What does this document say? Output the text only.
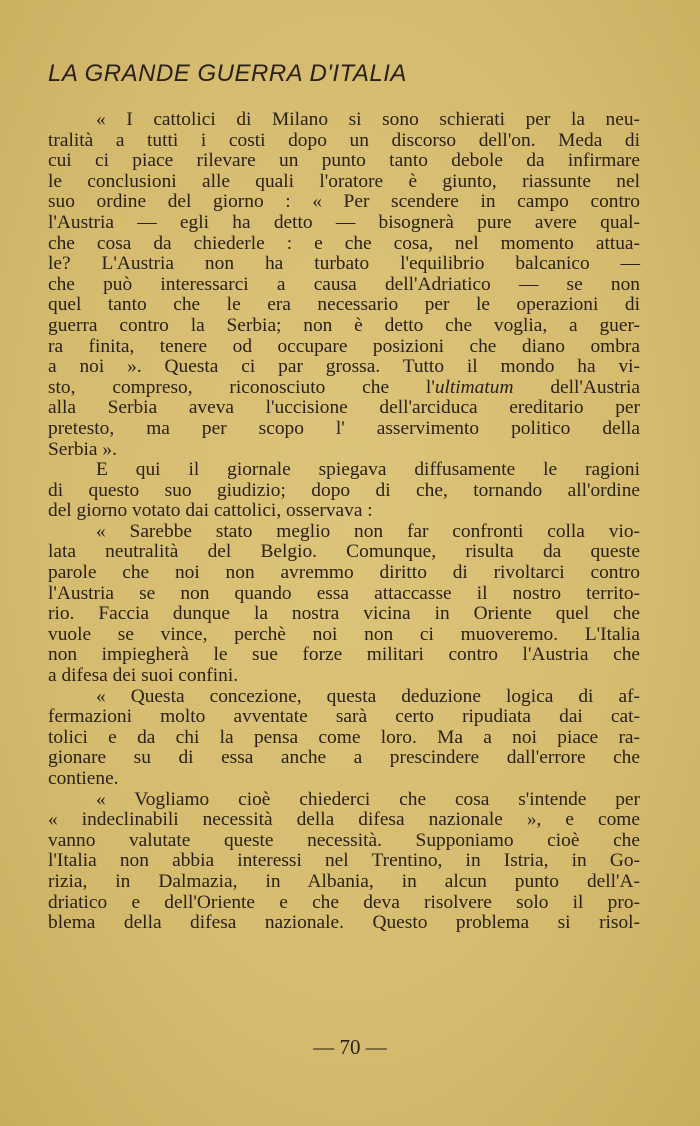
LA GRANDE GUERRA D'ITALIA
« I cattolici di Milano si sono schierati per la neu-
tralità a tutti i costi dopo un discorso dell'on. Meda di
cui ci piace rilevare un punto tanto debole da infirmare
le conclusioni alle quali l'oratore è giunto, riassunte nel
suo ordine del giorno : « Per scendere in campo contro
l'Austria — egli ha detto — bisognerà pure avere qual-
che cosa da chiederle : e che cosa, nel momento attua-
le? L'Austria non ha turbato l'equilibrio balcanico —
che può interessarci a causa dell'Adriatico — se non
quel tanto che le era necessario per le operazioni di
guerra contro la Serbia; non è detto che voglia, a guer-
ra finita, tenere od occupare posizioni che diano ombra
a noi ». Questa ci par grossa. Tutto il mondo ha vi-
sto, compreso, riconosciuto che l'ultimatum dell'Austria
alla Serbia aveva l'uccisione dell'arciduca ereditario per
pretesto, ma per scopo l' asservimento politico della
Serbia ».
E qui il giornale spiegava diffusamente le ragioni
di questo suo giudizio; dopo di che, tornando all'ordine
del giorno votato dai cattolici, osservava :
« Sarebbe stato meglio non far confronti colla vio-
lata neutralità del Belgio. Comunque, risulta da queste
parole che noi non avremmo diritto di rivoltarci contro
l'Austria se non quando essa attaccasse il nostro territo-
rio. Faccia dunque la nostra vicina in Oriente quel che
vuole se vince, perchè noi non ci muoveremo. L'Italia
non impiegherà le sue forze militari contro l'Austria che
a difesa dei suoi confini.
« Questa concezione, questa deduzione logica di af-
fermazioni molto avventate sarà certo ripudiata dai cat-
tolici e da chi la pensa come loro. Ma a noi piace ra-
gionare su di essa anche a prescindere dall'errore che
contiene.
« Vogliamo cioè chiederci che cosa s'intende per
« indeclinabili necessità della difesa nazionale », e come
vanno valutate queste necessità. Supponiamo cioè che
l'Italia non abbia interessi nel Trentino, in Istria, in Go-
rizia, in Dalmazia, in Albania, in alcun punto dell'A-
driatico e dell'Oriente e che deva risolvere solo il pro-
blema della difesa nazionale. Questo problema si risol-
— 70 —
